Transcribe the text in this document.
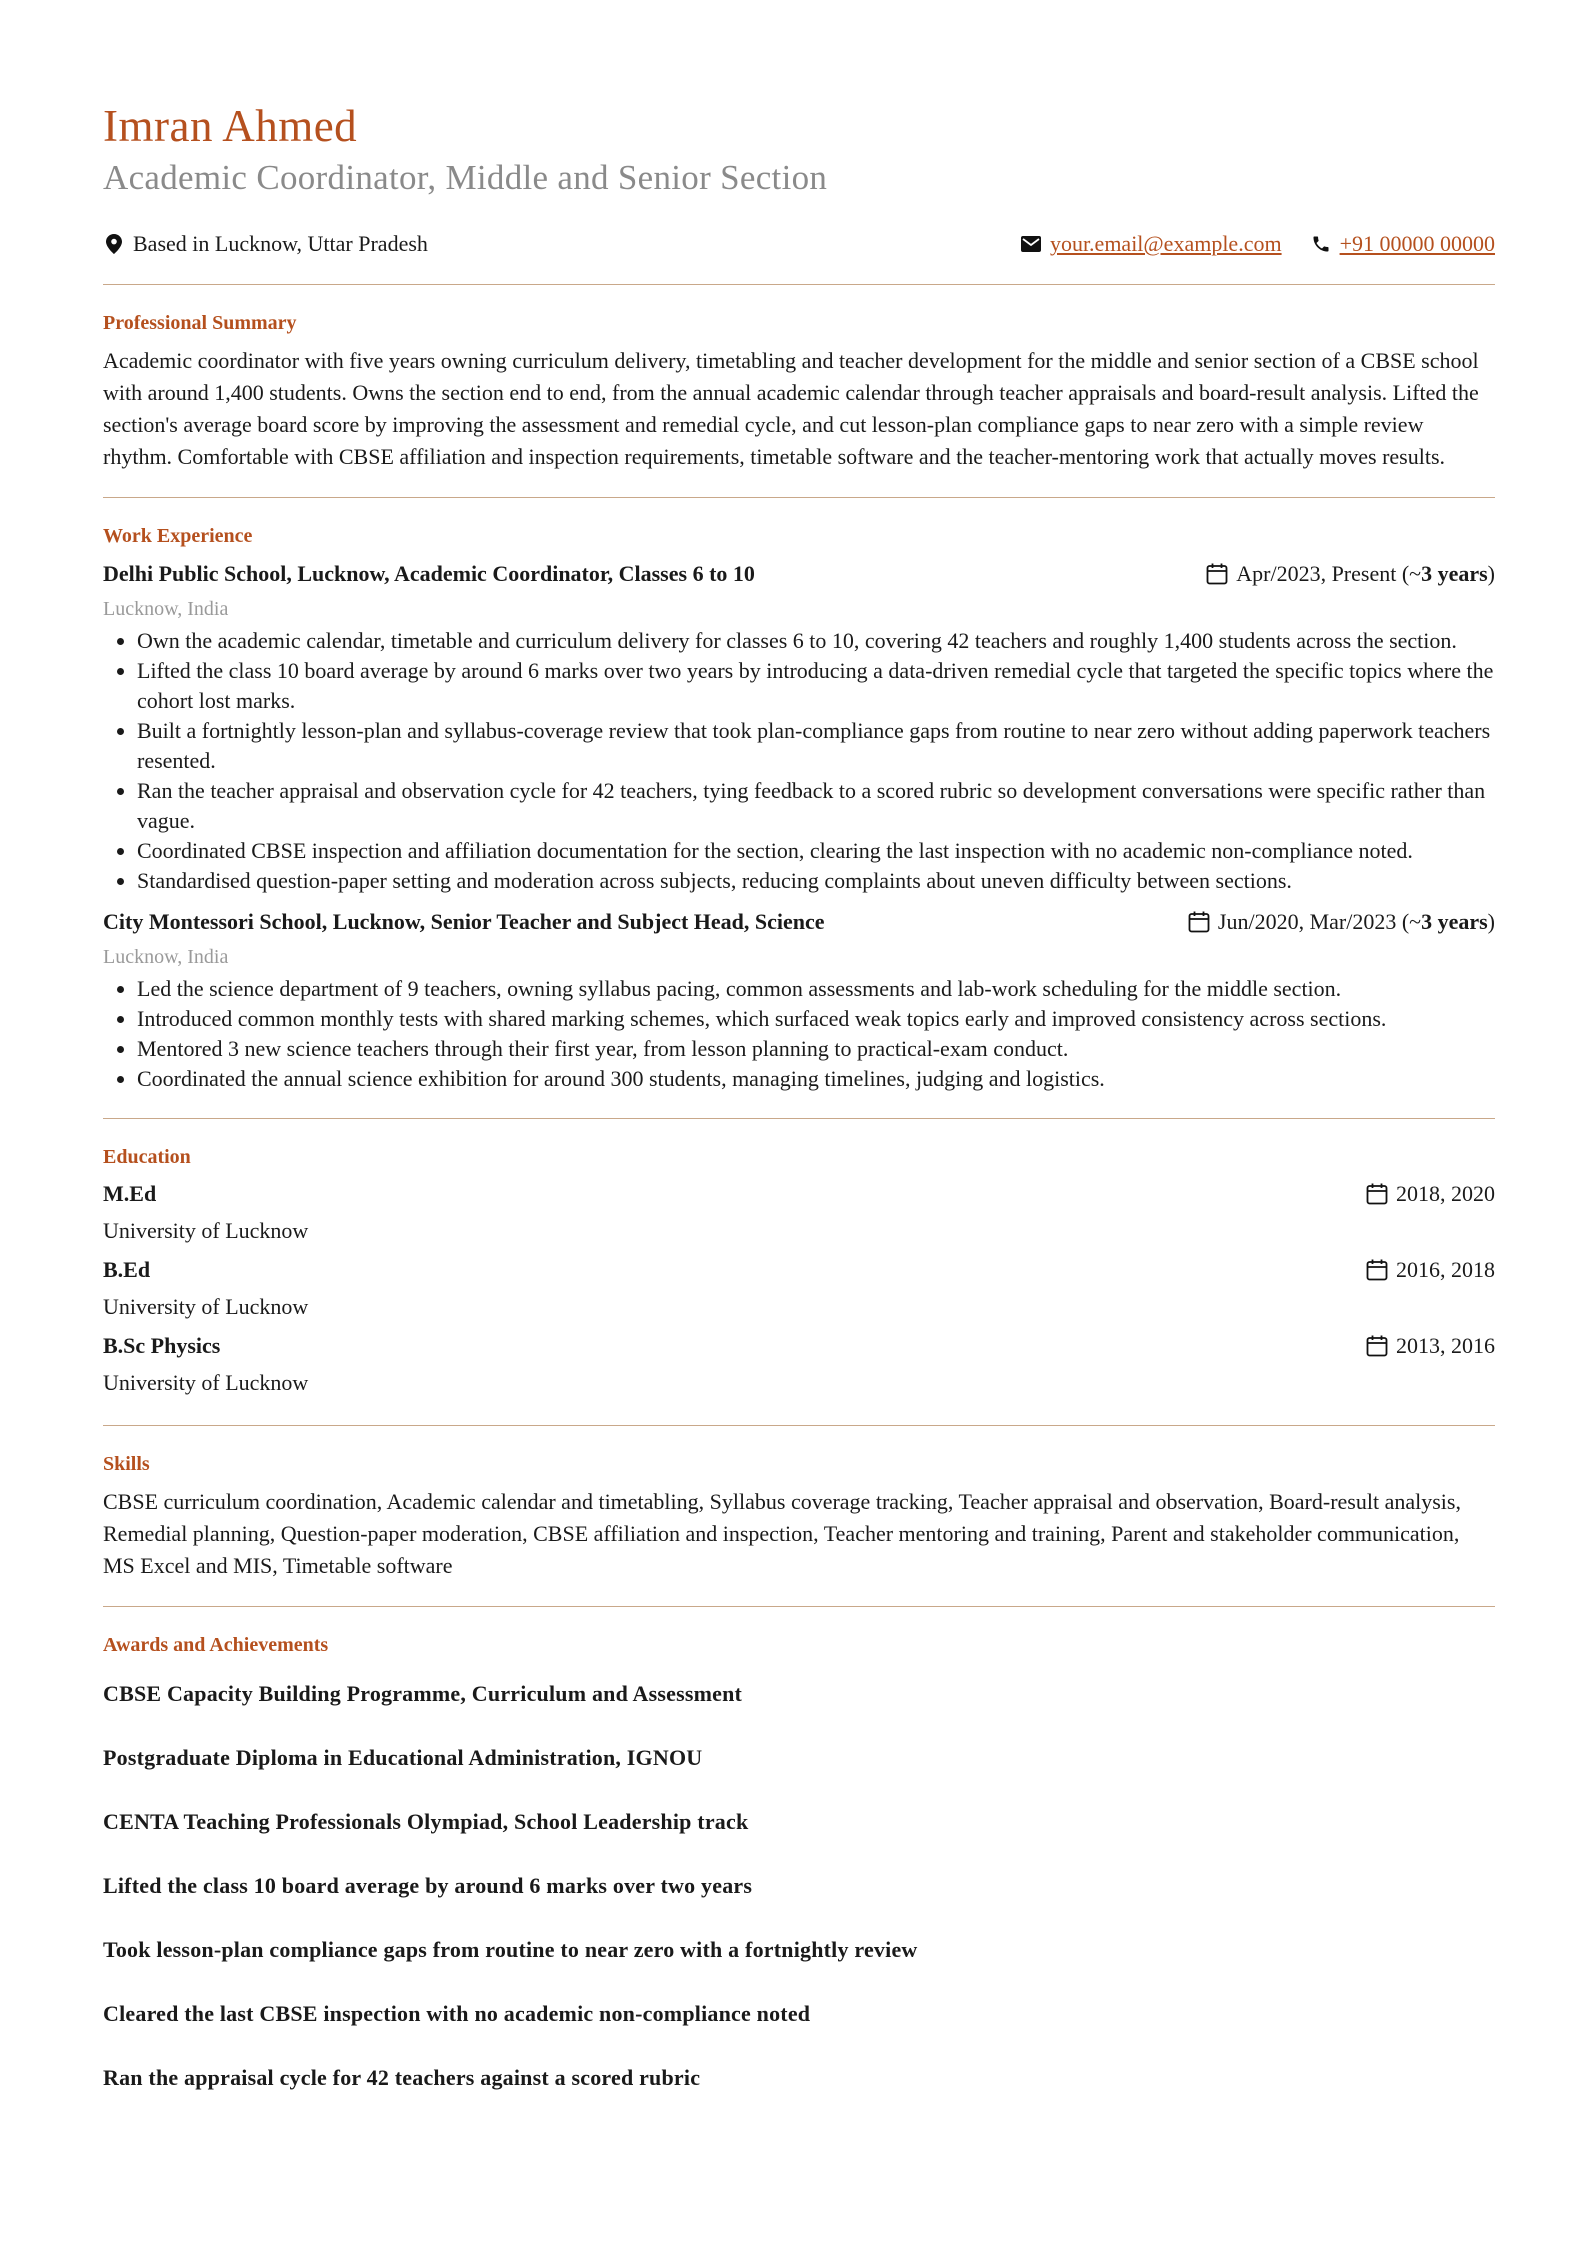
Imran Ahmed
Academic Coordinator, Middle and Senior Section
Based in Lucknow, Uttar Pradesh	your.email@example.com	+91 00000 00000
Professional Summary

Academic coordinator with five years owning curriculum delivery, timetabling and teacher development for the middle and senior section of a CBSE school with around 1,400 students. Owns the section end to end, from the annual academic calendar through teacher appraisals and board-result analysis. Lifted the section's average board score by improving the assessment and remedial cycle, and cut lesson-plan compliance gaps to near zero with a simple review rhythm. Comfortable with CBSE affiliation and inspection requirements, timetable software and the teacher-mentoring work that actually moves results.

Work Experience
Delhi Public School, Lucknow, Academic Coordinator, Classes 6 to 10	Apr/2023, Present (~ 3 years )
Lucknow, India
• Own the academic calendar, timetable and curriculum delivery for classes 6 to 10, covering 42 teachers and roughly 1,400 students across the section.
• Lifted the class 10 board average by around 6 marks over two years by introducing a data-driven remedial cycle that targeted the specific topics where the cohort lost marks.
• Built a fortnightly lesson-plan and syllabus-coverage review that took plan-compliance gaps from routine to near zero without adding paperwork teachers resented.
• Ran the teacher appraisal and observation cycle for 42 teachers, tying feedback to a scored rubric so development conversations were specific rather than vague.
• Coordinated CBSE inspection and affiliation documentation for the section, clearing the last inspection with no academic non-compliance noted.
• Standardised question-paper setting and moderation across subjects, reducing complaints about uneven difficulty between sections.
City Montessori School, Lucknow, Senior Teacher and Subject Head, Science	Jun/2020, Mar/2023 (~ 3 years )
Lucknow, India
• Led the science department of 9 teachers, owning syllabus pacing, common assessments and lab-work scheduling for the middle section.
• Introduced common monthly tests with shared marking schemes, which surfaced weak topics early and improved consistency across sections.
• Mentored 3 new science teachers through their first year, from lesson planning to practical-exam conduct.
• Coordinated the annual science exhibition for around 300 students, managing timelines, judging and logistics.
Education
M.Ed	2018, 2020
University of Lucknow
B.Ed	2016, 2018
University of Lucknow
B.Sc Physics	2013, 2016
University of Lucknow
Skills

CBSE curriculum coordination, Academic calendar and timetabling, Syllabus coverage tracking, Teacher appraisal and observation, Board-result analysis, Remedial planning, Question-paper moderation, CBSE affiliation and inspection, Teacher mentoring and training, Parent and stakeholder communication, MS Excel and MIS, Timetable software

Awards and Achievements

CBSE Capacity Building Programme, Curriculum and Assessment

Postgraduate Diploma in Educational Administration, IGNOU

CENTA Teaching Professionals Olympiad, School Leadership track

Lifted the class 10 board average by around 6 marks over two years

Took lesson-plan compliance gaps from routine to near zero with a fortnightly review

Cleared the last CBSE inspection with no academic non-compliance noted

Ran the appraisal cycle for 42 teachers against a scored rubric
